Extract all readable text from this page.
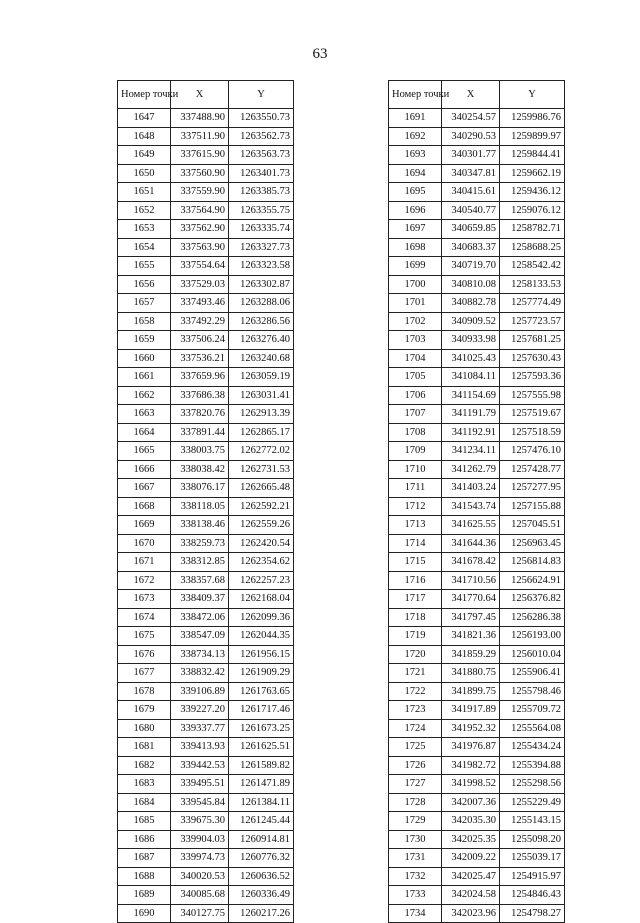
63
Номер точки	X	Y
1647	337488.90	1263550.73
1648	337511.90	1263562.73
1649	337615.90	1263563.73
1650	337560.90	1263401.73
1651	337559.90	1263385.73
1652	337564.90	1263355.75
1653	337562.90	1263335.74
1654	337563.90	1263327.73
1655	337554.64	1263323.58
1656	337529.03	1263302.87
1657	337493.46	1263288.06
1658	337492.29	1263286.56
1659	337506.24	1263276.40
1660	337536.21	1263240.68
1661	337659.96	1263059.19
1662	337686.38	1263031.41
1663	337820.76	1262913.39
1664	337891.44	1262865.17
1665	338003.75	1262772.02
1666	338038.42	1262731.53
1667	338076.17	1262665.48
1668	338118.05	1262592.21
1669	338138.46	1262559.26
1670	338259.73	1262420.54
1671	338312.85	1262354.62
1672	338357.68	1262257.23
1673	338409.37	1262168.04
1674	338472.06	1262099.36
1675	338547.09	1262044.35
1676	338734.13	1261956.15
1677	338832.42	1261909.29
1678	339106.89	1261763.65
1679	339227.20	1261717.46
1680	339337.77	1261673.25
1681	339413.93	1261625.51
1682	339442.53	1261589.82
1683	339495.51	1261471.89
1684	339545.84	1261384.11
1685	339675.30	1261245.44
1686	339904.03	1260914.81
1687	339974.73	1260776.32
1688	340020.53	1260636.52
1689	340085.68	1260336.49
1690	340127.75	1260217.26
Номер точки	X	Y
1691	340254.57	1259986.76
1692	340290.53	1259899.97
1693	340301.77	1259844.41
1694	340347.81	1259662.19
1695	340415.61	1259436.12
1696	340540.77	1259076.12
1697	340659.85	1258782.71
1698	340683.37	1258688.25
1699	340719.70	1258542.42
1700	340810.08	1258133.53
1701	340882.78	1257774.49
1702	340909.52	1257723.57
1703	340933.98	1257681.25
1704	341025.43	1257630.43
1705	341084.11	1257593.36
1706	341154.69	1257555.98
1707	341191.79	1257519.67
1708	341192.91	1257518.59
1709	341234.11	1257476.10
1710	341262.79	1257428.77
1711	341403.24	1257277.95
1712	341543.74	1257155.88
1713	341625.55	1257045.51
1714	341644.36	1256963.45
1715	341678.42	1256814.83
1716	341710.56	1256624.91
1717	341770.64	1256376.82
1718	341797.45	1256286.38
1719	341821.36	1256193.00
1720	341859.29	1256010.04
1721	341880.75	1255906.41
1722	341899.75	1255798.46
1723	341917.89	1255709.72
1724	341952.32	1255564.08
1725	341976.87	1255434.24
1726	341982.72	1255394.88
1727	341998.52	1255298.56
1728	342007.36	1255229.49
1729	342035.30	1255143.15
1730	342025.35	1255098.20
1731	342009.22	1255039.17
1732	342025.47	1254915.97
1733	342024.58	1254846.43
1734	342023.96	1254798.27
